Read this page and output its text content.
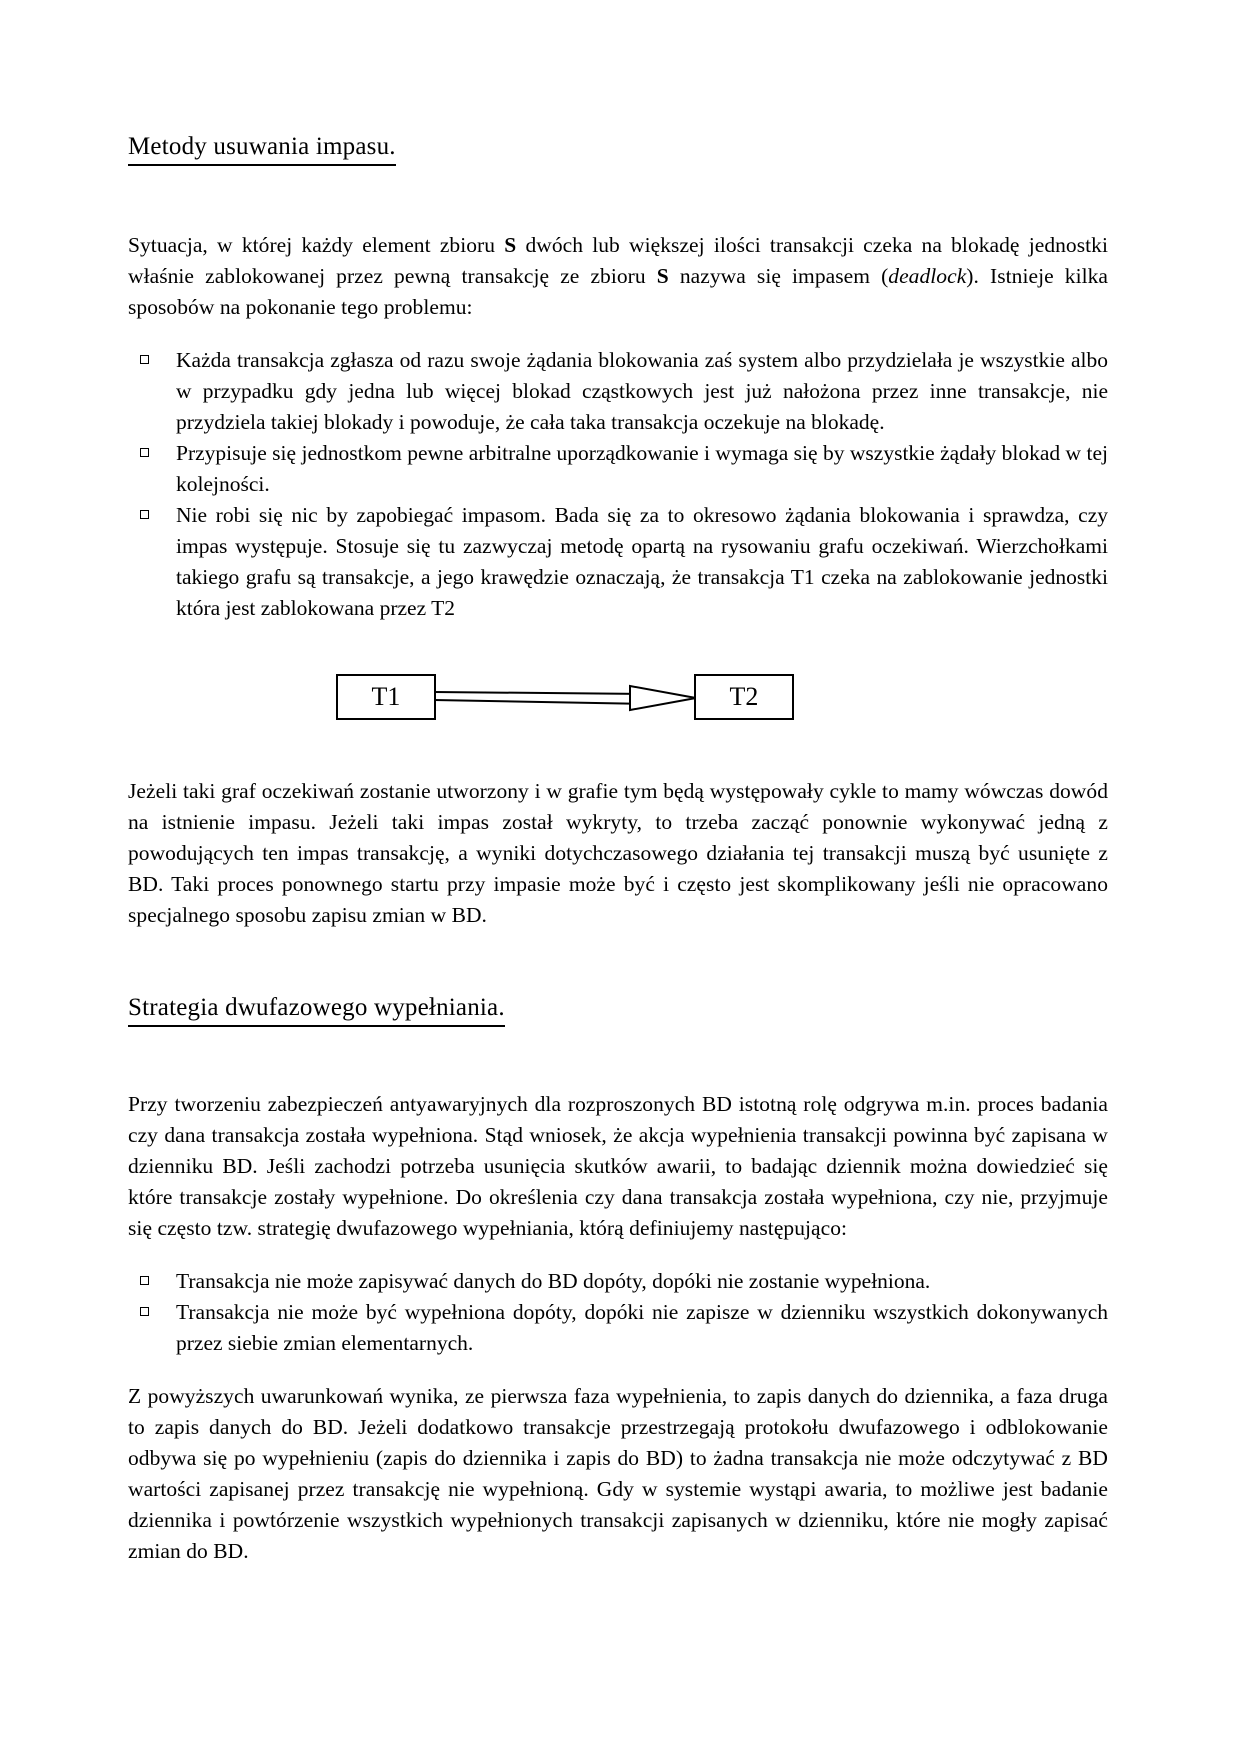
Metody usuwania impasu.

Sytuacja, w której każdy element zbioru S dwóch lub większej ilości transakcji czeka na blokadę jednostki właśnie zablokowanej przez pewną transakcję ze zbioru S nazywa się impasem (deadlock). Istnieje kilka sposobów na pokonanie tego problemu:

Każda transakcja zgłasza od razu swoje żądania blokowania zaś system albo przydzielała je wszystkie albo w przypadku gdy jedna lub więcej blokad cząstkowych jest już nałożona przez inne transakcje, nie przydziela takiej blokady i powoduje, że cała taka transakcja oczekuje na blokadę.
Przypisuje się jednostkom pewne arbitralne uporządkowanie i wymaga się by wszystkie żądały blokad w tej kolejności.
Nie robi się nic by zapobiegać impasom. Bada się za to okresowo żądania blokowania i sprawdza, czy impas występuje. Stosuje się tu zazwyczaj metodę opartą na rysowaniu grafu oczekiwań. Wierzchołkami takiego grafu są transakcje, a jego krawędzie oznaczają, że transakcja T1 czeka na zablokowanie jednostki która jest zablokowana przez T2
T1	T2

Jeżeli taki graf oczekiwań zostanie utworzony i w grafie tym będą występowały cykle to mamy wówczas dowód na istnienie impasu. Jeżeli taki impas został wykryty, to trzeba zacząć ponownie wykonywać jedną z powodujących ten impas transakcję, a wyniki dotychczasowego działania tej transakcji muszą być usunięte z BD. Taki proces ponownego startu przy impasie może być i często jest skomplikowany jeśli nie opracowano specjalnego sposobu zapisu zmian w BD.

Strategia dwufazowego wypełniania.

Przy tworzeniu zabezpieczeń antyawaryjnych dla rozproszonych BD istotną rolę odgrywa m.in. proces badania czy dana transakcja została wypełniona. Stąd wniosek, że akcja wypełnienia transakcji powinna być zapisana w dzienniku BD. Jeśli zachodzi potrzeba usunięcia skutków awarii, to badając dziennik można dowiedzieć się które transakcje zostały wypełnione. Do określenia czy dana transakcja została wypełniona, czy nie, przyjmuje się często tzw. strategię dwufazowego wypełniania, którą definiujemy następująco:

Transakcja nie może zapisywać danych do BD dopóty, dopóki nie zostanie wypełniona.
Transakcja nie może być wypełniona dopóty, dopóki nie zapisze w dzienniku wszystkich dokonywanych przez siebie zmian elementarnych.

Z powyższych uwarunkowań wynika, ze pierwsza faza wypełnienia, to zapis danych do dziennika, a faza druga to zapis danych do BD. Jeżeli dodatkowo transakcje przestrzegają protokołu dwufazowego i odblokowanie odbywa się po wypełnieniu (zapis do dziennika i zapis do BD) to żadna transakcja nie może odczytywać z BD wartości zapisanej przez transakcję nie wypełnioną. Gdy w systemie wystąpi awaria, to możliwe jest badanie dziennika i powtórzenie wszystkich wypełnionych transakcji zapisanych w dzienniku, które nie mogły zapisać zmian do BD.
